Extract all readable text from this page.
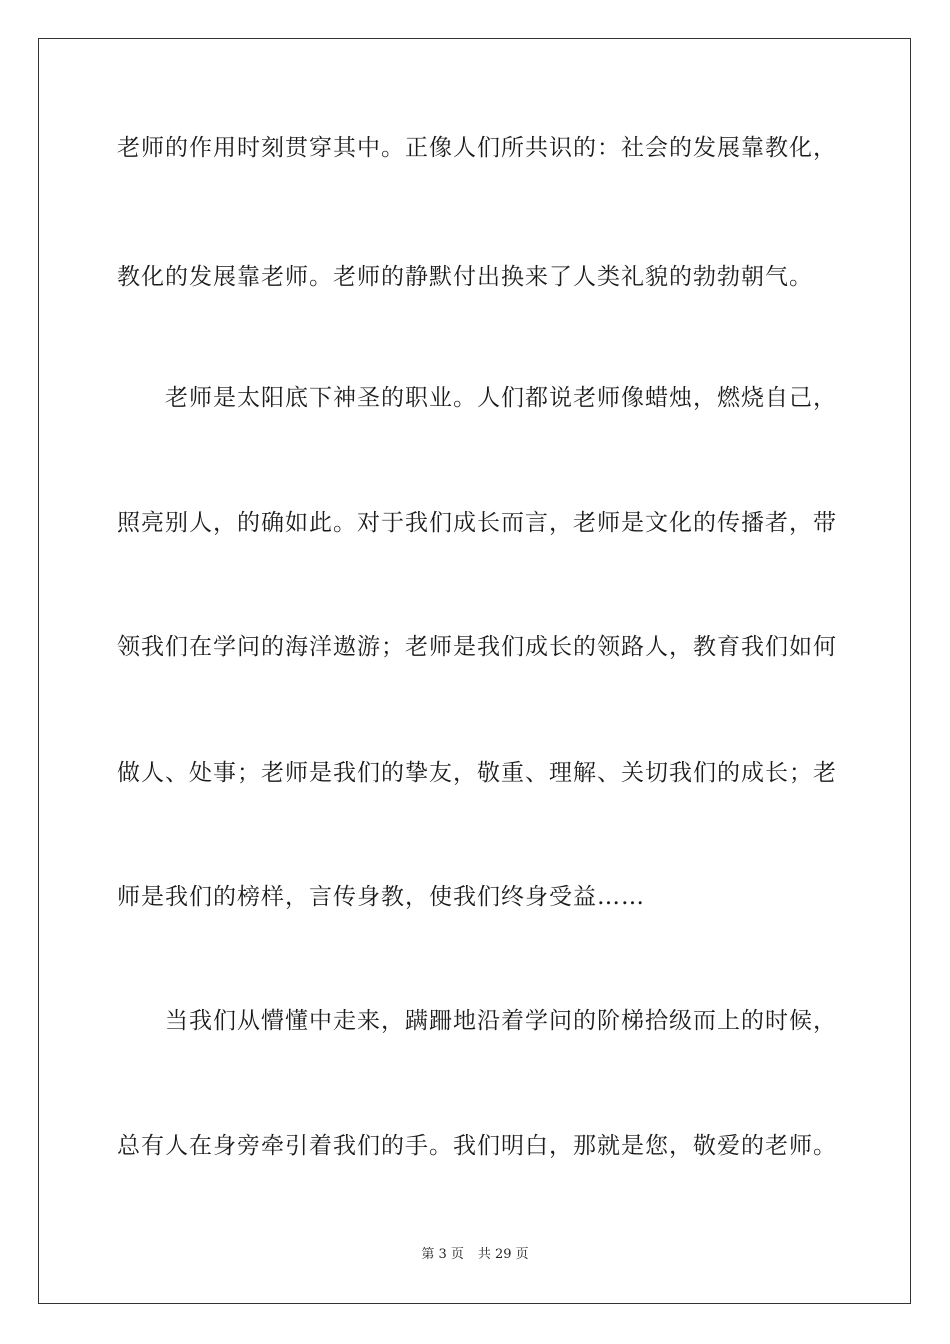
老师的作用时刻贯穿其中。正像人们所共识的：社会的发展靠教化，
教化的发展靠老师。老师的静默付出换来了人类礼貌的勃勃朝气。
　　老师是太阳底下神圣的职业。人们都说老师像蜡烛，燃烧自己，
照亮别人，的确如此。对于我们成长而言，老师是文化的传播者，带
领我们在学问的海洋遨游；老师是我们成长的领路人，教育我们如何
做人、处事；老师是我们的挚友，敬重、理解、关切我们的成长；老
师是我们的榜样，言传身教，使我们终身受益……
　　当我们从懵懂中走来，蹒跚地沿着学问的阶梯拾级而上的时候，
总有人在身旁牵引着我们的手。我们明白，那就是您，敬爱的老师。
第 3 页 共 29 页
